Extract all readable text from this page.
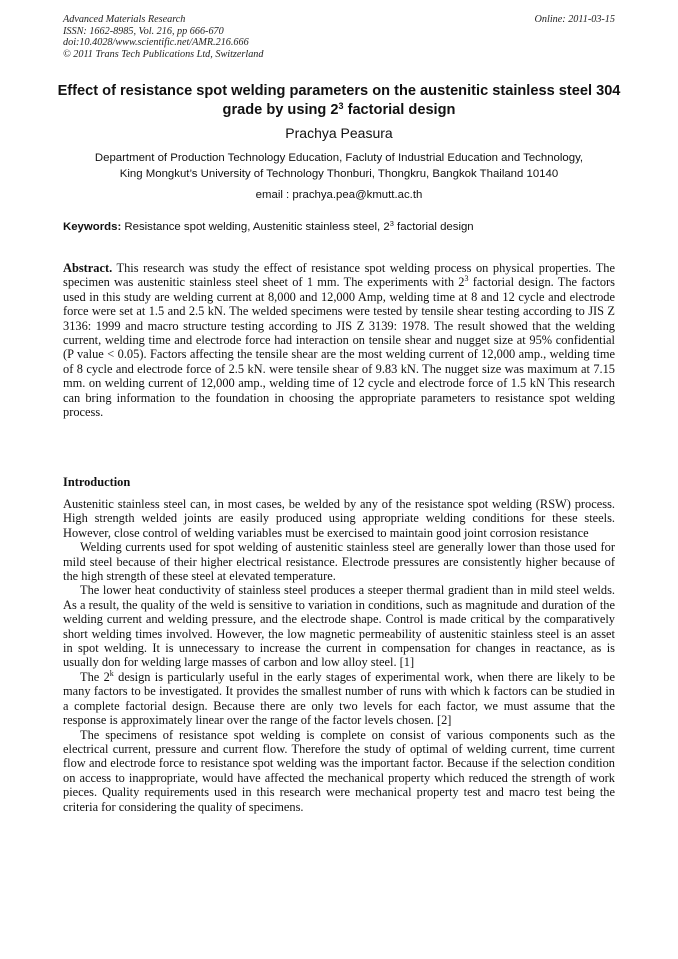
Advanced Materials Research
ISSN: 1662-8985, Vol. 216, pp 666-670
doi:10.4028/www.scientific.net/AMR.216.666
© 2011 Trans Tech Publications Ltd, Switzerland
Online: 2011-03-15
Effect of resistance spot welding parameters on the austenitic stainless steel 304 grade by using $2^3$ factorial design
Prachya Peasura
Department of Production Technology Education, Facluty of Industrial Education and Technology,
King Mongkut’s University of Technology Thonburi, Thongkru, Bangkok Thailand 10140
email : prachya.pea@kmutt.ac.th
Keywords: Resistance spot welding, Austenitic stainless steel, $2^3$ factorial design

Abstract. This research was study the effect of resistance spot welding process on physical properties. The specimen was austenitic stainless steel sheet of 1 mm. The experiments with $2^3$ factorial design. The factors used in this study are welding current at 8,000 and 12,000 Amp, welding time at 8 and 12 cycle and electrode force were set at 1.5 and 2.5 kN. The welded specimens were tested by tensile shear testing according to JIS Z 3136: 1999 and macro structure testing according to JIS Z 3139: 1978. The result showed that the welding current, welding time and electrode force had interaction on tensile shear and nugget size at 95% confidential (P value < 0.05). Factors affecting the tensile shear are the most welding current of 12,000 amp., welding time of 8 cycle and electrode force of 2.5 kN. were tensile shear of 9.83 kN. The nugget size was maximum at 7.15 mm. on welding current of 12,000 amp., welding time of 12 cycle and electrode force of 1.5 kN This research can bring information to the foundation in choosing the appropriate parameters to resistance spot welding process.

Introduction

Austenitic stainless steel can, in most cases, be welded by any of the resistance spot welding (RSW) process. High strength welded joints are easily produced using appropriate welding conditions for these steels. However, close control of welding variables must be exercised to maintain good joint corrosion resistance

Welding currents used for spot welding of austenitic stainless steel are generally lower than those used for mild steel because of their higher electrical resistance. Electrode pressures are consistently higher because of the high strength of these steel at elevated temperature.

The lower heat conductivity of stainless steel produces a steeper thermal gradient than in mild steel welds. As a result, the quality of the weld is sensitive to variation in conditions, such as magnitude and duration of the welding current and welding pressure, and the electrode shape. Control is made critical by the comparatively short welding times involved. However, the low magnetic permeability of austenitic stainless steel is an asset in spot welding. It is unnecessary to increase the current in compensation for changes in reactance, as is usually don for welding large masses of carbon and low alloy steel. [1]

The 2$^k$ design is particularly useful in the early stages of experimental work, when there are likely to be many factors to be investigated. It provides the smallest number of runs with which k factors can be studied in a complete factorial design. Because there are only two levels for each factor, we must assume that the response is approximately linear over the range of the factor levels chosen. [2]

The specimens of resistance spot welding is complete on consist of various components such as the electrical current, pressure and current flow. Therefore the study of optimal of welding current, time current flow and electrode force to resistance spot welding was the important factor. Because if the selection condition on access to inappropriate, would have affected the mechanical property which reduced the strength of work pieces. Quality requirements used in this research were mechanical property test and macro test being the criteria for considering the quality of specimens.
